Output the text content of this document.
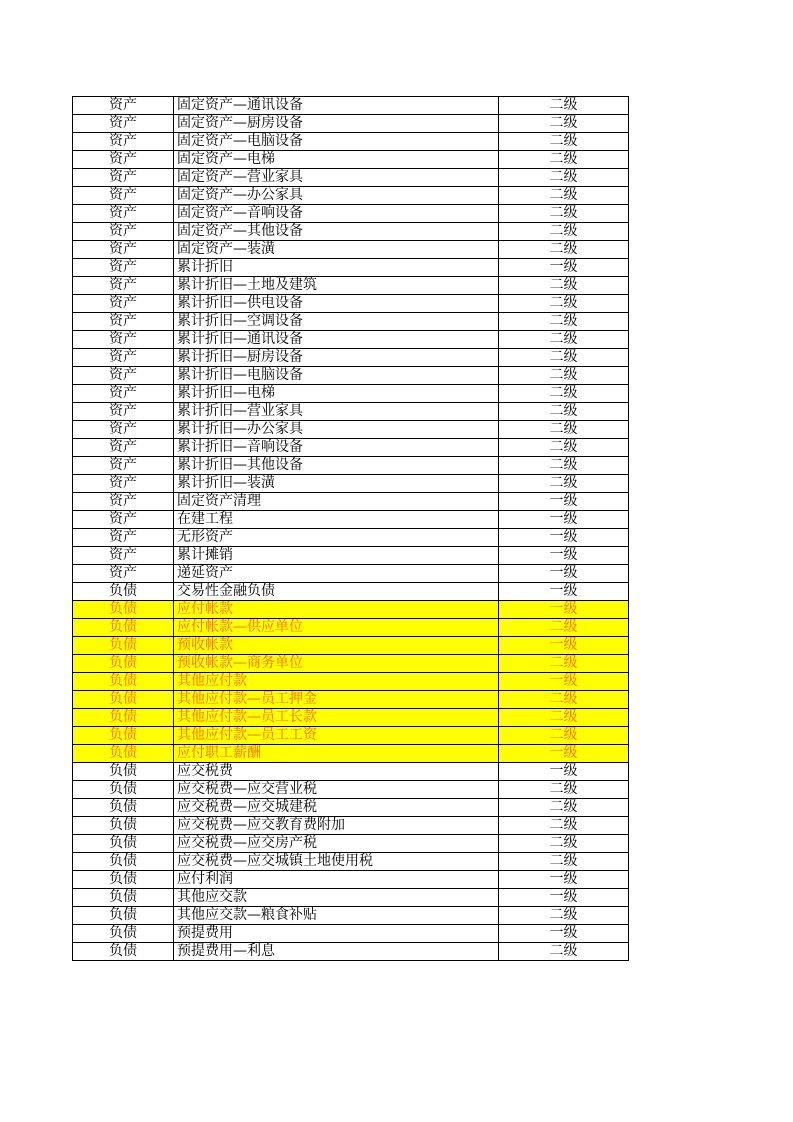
资产	固定资产—通讯设备	二级
资产	固定资产—厨房设备	二级
资产	固定资产—电脑设备	二级
资产	固定资产—电梯	二级
资产	固定资产—营业家具	二级
资产	固定资产—办公家具	二级
资产	固定资产—音响设备	二级
资产	固定资产—其他设备	二级
资产	固定资产—装潢	二级
资产	累计折旧	一级
资产	累计折旧—土地及建筑	二级
资产	累计折旧—供电设备	二级
资产	累计折旧—空调设备	二级
资产	累计折旧—通讯设备	二级
资产	累计折旧—厨房设备	二级
资产	累计折旧—电脑设备	二级
资产	累计折旧—电梯	二级
资产	累计折旧—营业家具	二级
资产	累计折旧—办公家具	二级
资产	累计折旧—音响设备	二级
资产	累计折旧—其他设备	二级
资产	累计折旧—装潢	二级
资产	固定资产清理	一级
资产	在建工程	一级
资产	无形资产	一级
资产	累计摊销	一级
资产	递延资产	一级
负债	交易性金融负债	一级
负债	应付帐款	一级
负债	应付帐款—供应单位	二级
负债	预收帐款	一级
负债	预收帐款—商务单位	二级
负债	其他应付款	一级
负债	其他应付款—员工押金	二级
负债	其他应付款—员工长款	二级
负债	其他应付款—员工工资	二级
负债	应付职工薪酬	一级
负债	应交税费	一级
负债	应交税费—应交营业税	二级
负债	应交税费—应交城建税	二级
负债	应交税费—应交教育费附加	二级
负债	应交税费—应交房产税	二级
负债	应交税费—应交城镇土地使用税	二级
负债	应付利润	一级
负债	其他应交款	一级
负债	其他应交款—粮食补贴	二级
负债	预提费用	一级
负债	预提费用—利息	二级
